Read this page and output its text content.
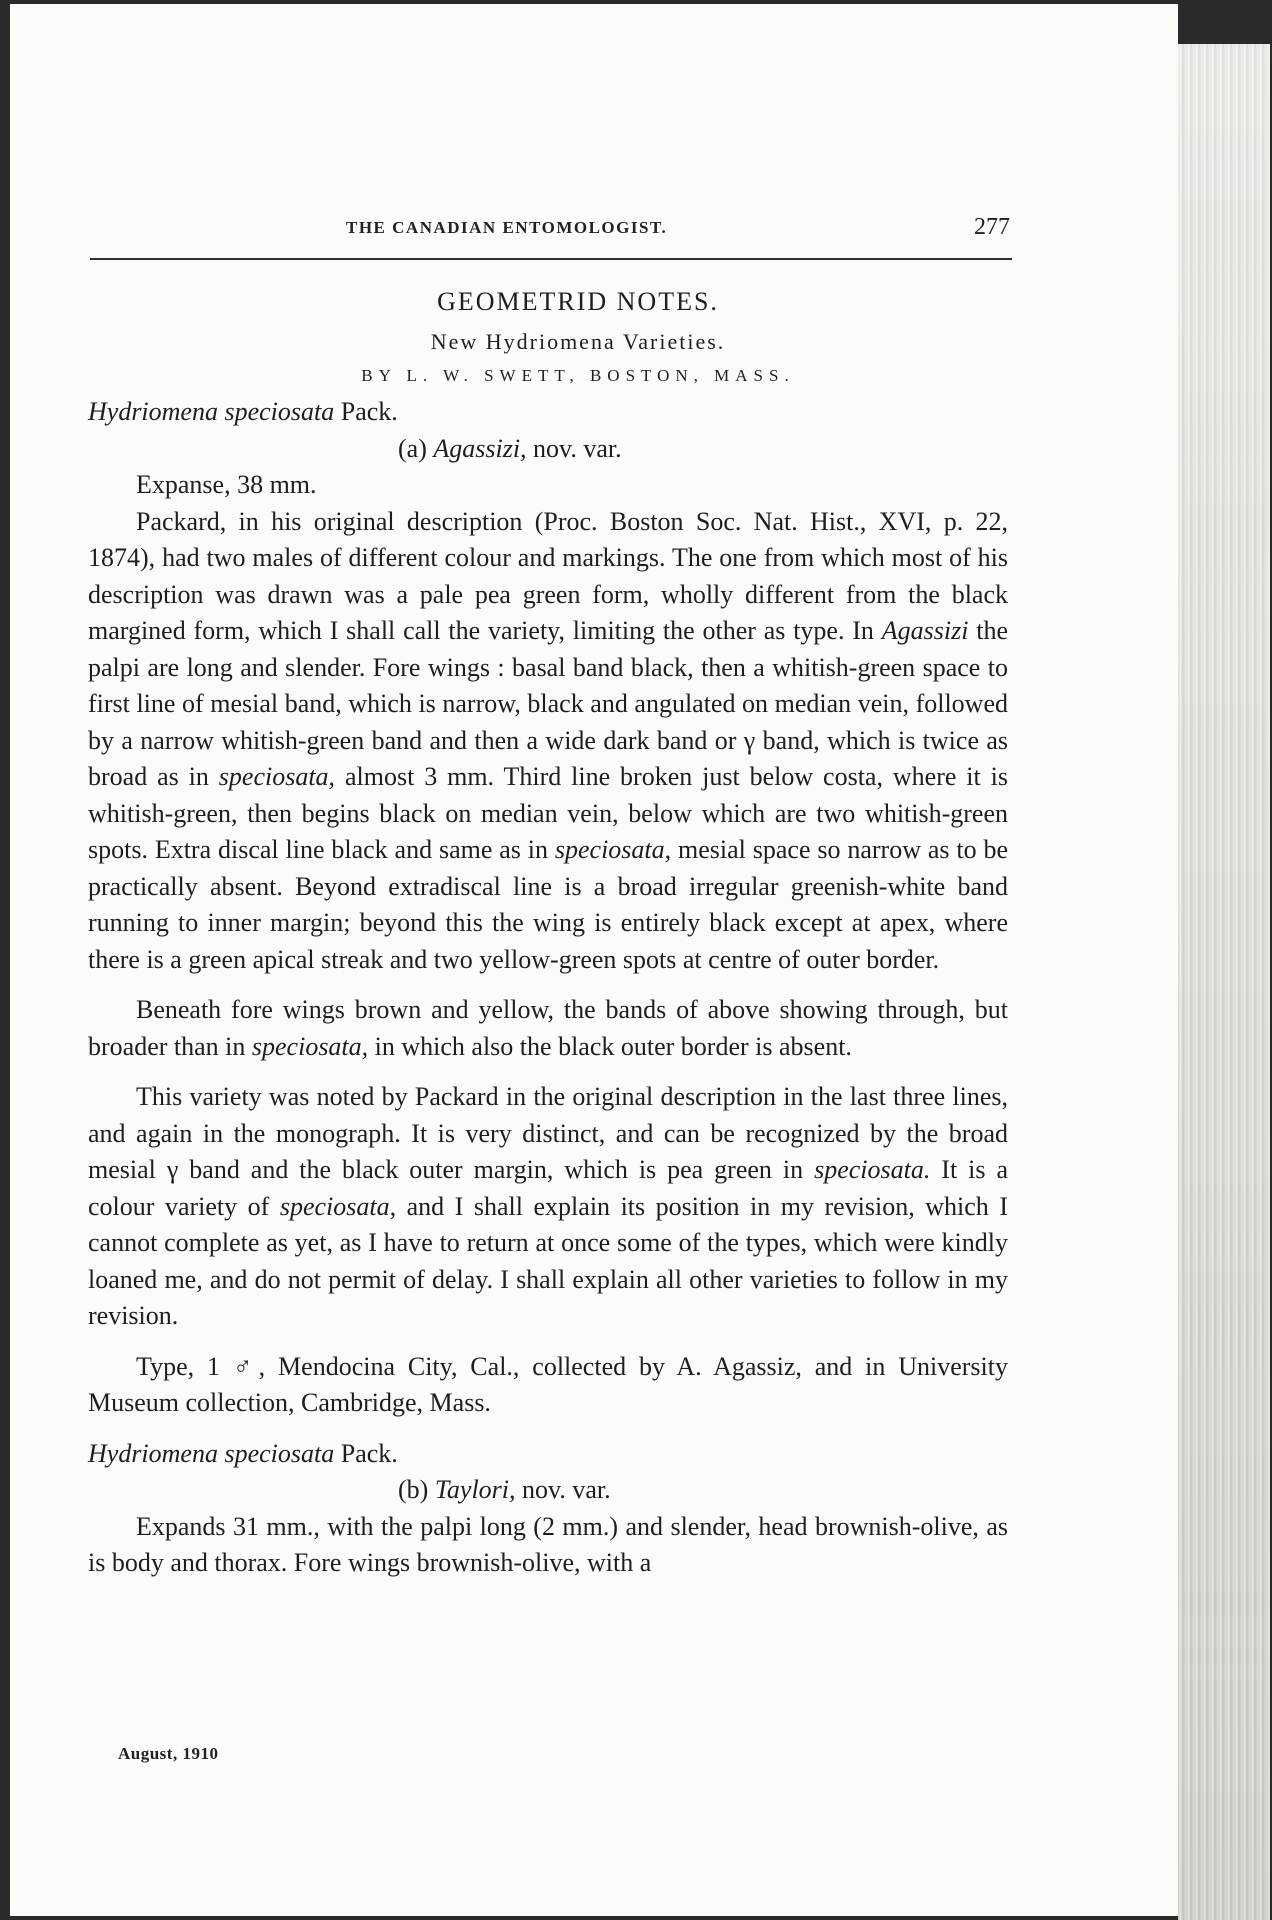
THE CANADIAN ENTOMOLOGIST.	277
GEOMETRID NOTES.
New Hydriomena Varieties.
BY L. W. SWETT, BOSTON, MASS.

Hydriomena speciosata Pack.

(a) Agassizi, nov. var.

Expanse, 38 mm.

Packard, in his original description (Proc. Boston Soc. Nat. Hist., XVI, p. 22, 1874), had two males of different colour and markings. The one from which most of his description was drawn was a pale pea green form, wholly different from the black margined form, which I shall call the variety, limiting the other as type. In Agassizi the palpi are long and slender. Fore wings : basal band black, then a whitish-green space to first line of mesial band, which is narrow, black and angulated on median vein, followed by a narrow whitish-green band and then a wide dark band or γ band, which is twice as broad as in speciosata, almost 3 mm. Third line broken just below costa, where it is whitish-green, then begins black on median vein, below which are two whitish-green spots. Extra discal line black and same as in speciosata, mesial space so narrow as to be practically absent. Beyond extradiscal line is a broad irregular greenish-white band running to inner margin; beyond this the wing is entirely black except at apex, where there is a green apical streak and two yellow-green spots at centre of outer border.

Beneath fore wings brown and yellow, the bands of above showing through, but broader than in speciosata, in which also the black outer border is absent.

This variety was noted by Packard in the original description in the last three lines, and again in the monograph. It is very distinct, and can be recognized by the broad mesial γ band and the black outer margin, which is pea green in speciosata. It is a colour variety of speciosata, and I shall explain its position in my revision, which I cannot complete as yet, as I have to return at once some of the types, which were kindly loaned me, and do not permit of delay. I shall explain all other varieties to follow in my revision.

Type, 1 ♂, Mendocina City, Cal., collected by A. Agassiz, and in University Museum collection, Cambridge, Mass.

Hydriomena speciosata Pack.

(b) Taylori, nov. var.

Expands 31 mm., with the palpi long (2 mm.) and slender, head brownish-olive, as is body and thorax. Fore wings brownish-olive, with a

August, 1910
